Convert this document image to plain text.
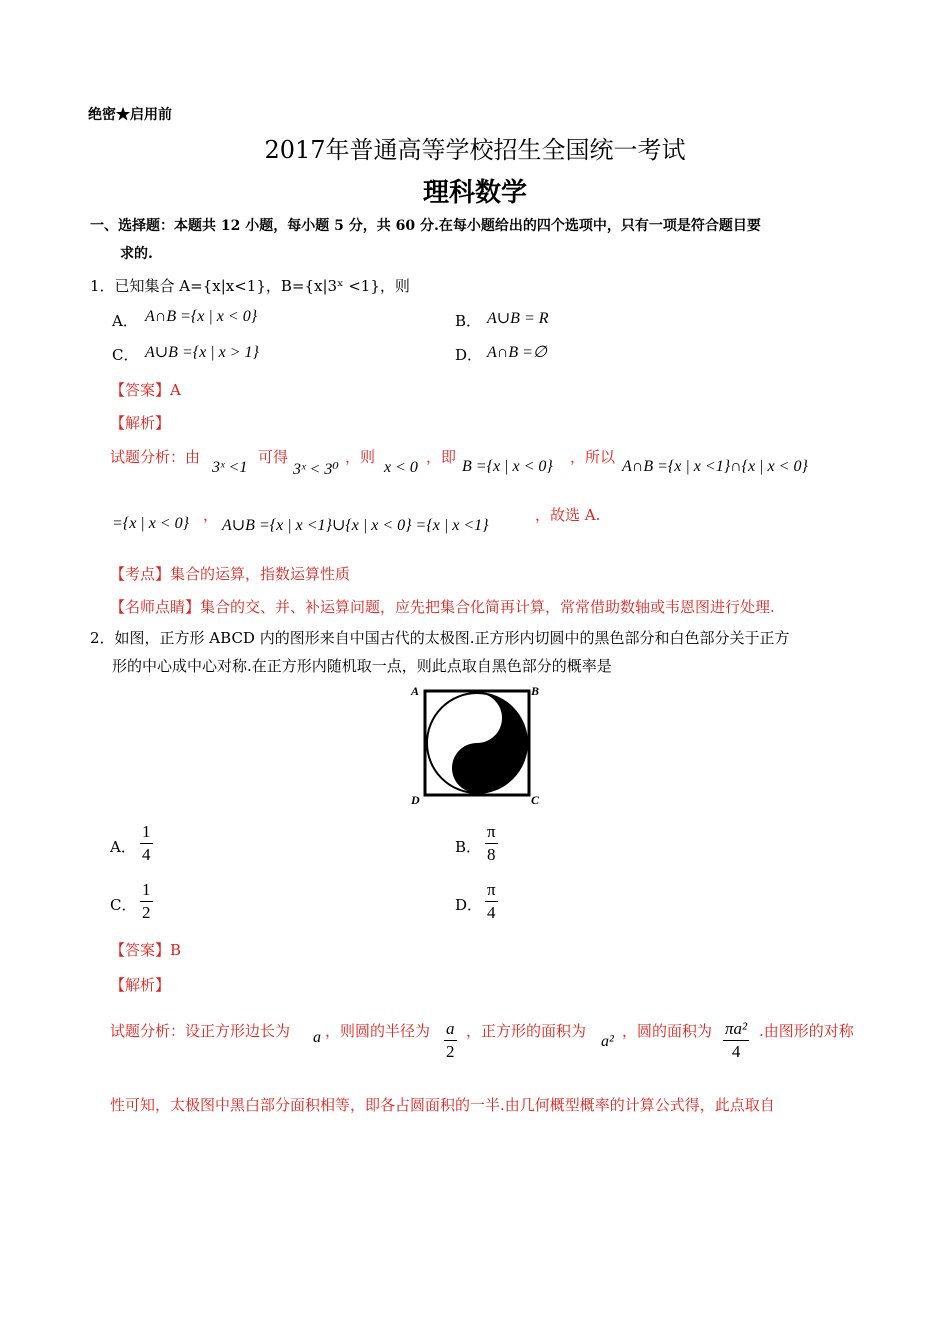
绝密★启用前
2017年普通高等学校招生全国统一考试
理科数学
一、选择题：本题共 12 小题，每小题 5 分，共 60 分.在每小题给出的四个选项中，只有一项是符合题目要
求的.
1．已知集合 A={x|x<1}，B={x|3ˣ <1}，则
A． A∩B ={x | x < 0}	B． A∪B = R
C． A∪B ={x | x > 1}	D． A∩B =∅
【答案】A
【解析】
试题分析：由
3ˣ <1
可得
3ˣ < 3⁰
，则
x < 0
，即
B ={x | x < 0}
，所以
A∩B ={x | x <1}∩{x | x < 0}
={x | x < 0} ，
A∪B ={x | x <1}∪{x | x < 0} ={x | x <1}
，故选 A.
【考点】集合的运算，指数运算性质
【名师点睛】集合的交、并、补运算问题，应先把集合化简再计算，常常借助数轴或韦恩图进行处理.
2．如图，正方形 ABCD 内的图形来自中国古代的太极图.正方形内切圆中的黑色部分和白色部分关于正方
形的中心成中心对称.在正方形内随机取一点，则此点取自黑色部分的概率是
A	B
C
D
A． $\frac{1}{4}$	B． $\frac{\pi}{8}$
C． $\frac{1}{2}$	D． $\frac{\pi}{4}$
【答案】B
【解析】
试题分析：设正方形边长为 a ，则圆的半径为 $\frac{a}{2}$ ，正方形的面积为
a²
，圆的面积为 $\frac{\text{πa²}}{4}$ .由图形的对称
性可知，太极图中黑白部分面积相等，即各占圆面积的一半.由几何概型概率的计算公式得，此点取自
